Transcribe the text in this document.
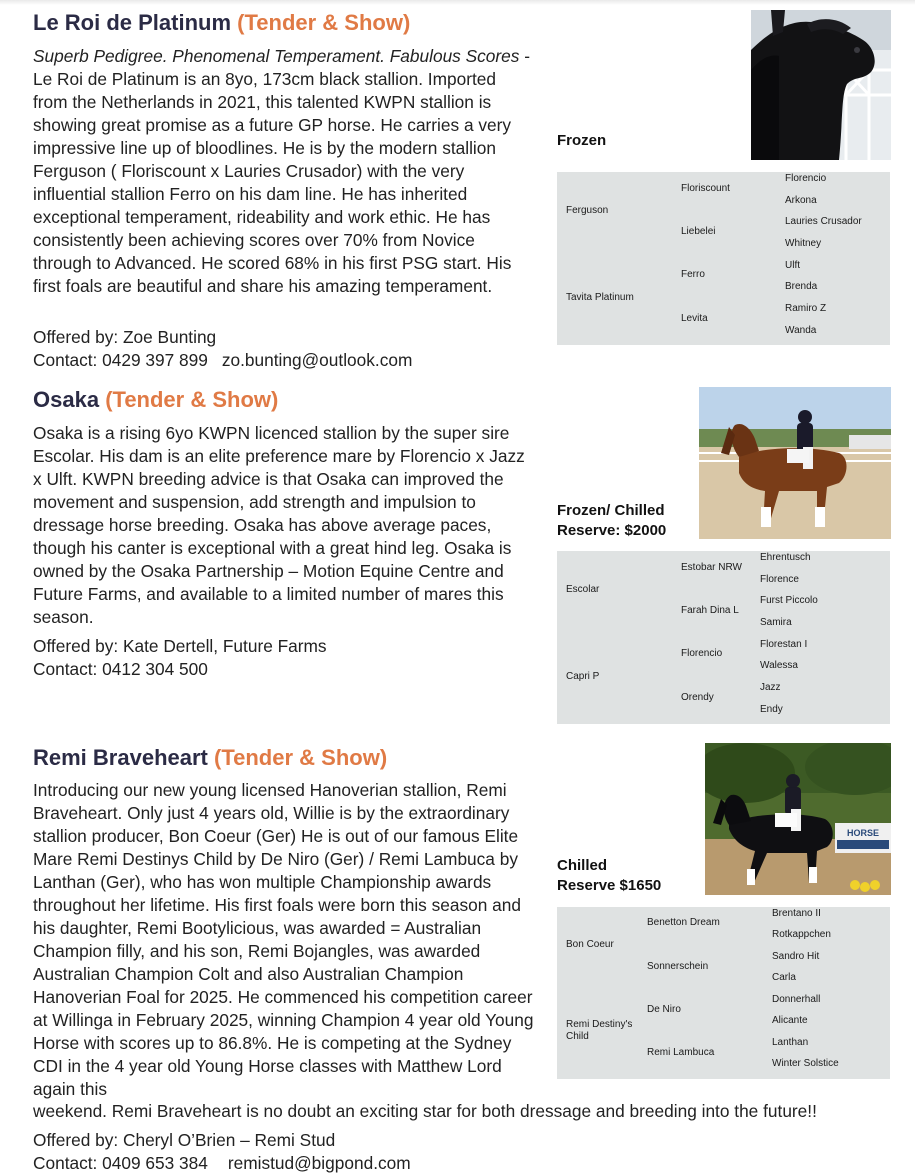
Le Roi de Platinum (Tender & Show)

Superb Pedigree. Phenomenal Temperament. Fabulous Scores - Le Roi de Platinum is an 8yo, 173cm black stallion. Imported from the Netherlands in 2021, this talented KWPN stallion is showing great promise as a future GP horse. He carries a very impressive line up of bloodlines. He is by the modern stallion Ferguson ( Floriscount x Lauries Crusador) with the very influential stallion Ferro on his dam line. He has inherited exceptional temperament, rideability and work ethic. He has consistently been achieving scores over 70% from Novice through to Advanced. He scored 68% in his first PSG start. His first foals are beautiful and share his amazing temperament.

Offered by: Zoe Bunting
Contact: 0429 397 899 zo.bunting@outlook.com
Frozen
Ferguson
Tavita Platinum
Floriscount
Liebelei
Ferro
Levita
Florencio
Arkona
Lauries Crusador
Whitney
Ulft
Brenda
Ramiro Z
Wanda
Osaka (Tender & Show)

Osaka is a rising 6yo KWPN licenced stallion by the super sire Escolar. His dam is an elite preference mare by Florencio x Jazz x Ulft. KWPN breeding advice is that Osaka can improved the movement and suspension, add strength and impulsion to dressage horse breeding. Osaka has above average paces, though his canter is exceptional with a great hind leg. Osaka is owned by the Osaka Partnership – Motion Equine Centre and Future Farms, and available to a limited number of mares this season.

Offered by: Kate Dertell, Future Farms
Contact: 0412 304 500
Frozen/ Chilled
Reserve: $2000
Escolar
Capri P
Estobar NRW
Farah Dina L
Florencio
Orendy
Ehrentusch
Florence
Furst Piccolo
Samira
Florestan I
Walessa
Jazz
Endy
Remi Braveheart (Tender & Show)

Introducing our new young licensed Hanoverian stallion, Remi Braveheart. Only just 4 years old, Willie is by the extraordinary stallion producer, Bon Coeur (Ger) He is out of our famous Elite Mare Remi Destinys Child by De Niro (Ger) / Remi Lambuca by Lanthan (Ger), who has won multiple Championship awards throughout her lifetime. His first foals were born this season and his daughter, Remi Bootylicious, was awarded = Australian Champion filly, and his son, Remi Bojangles, was awarded Australian Champion Colt and also Australian Champion Hanoverian Foal for 2025. He commenced his competition career at Willinga in February 2025, winning Champion 4 year old Young Horse with scores up to 86.8%. He is competing at the Sydney CDI in the 4 year old Young Horse classes with Matthew Lord again this

weekend. Remi Braveheart is no doubt an exciting star for both dressage and breeding into the future!!
Offered by: Cheryl O’Brien – Remi Stud
Contact: 0409 653 384 remistud@bigpond.com
Chilled
Reserve $1650
HORSE
Bon Coeur
Remi Destiny's Child
Benetton Dream
Sonnerschein
De Niro
Remi Lambuca
Brentano II
Rotkappchen
Sandro Hit
Carla
Donnerhall
Alicante
Lanthan
Winter Solstice
